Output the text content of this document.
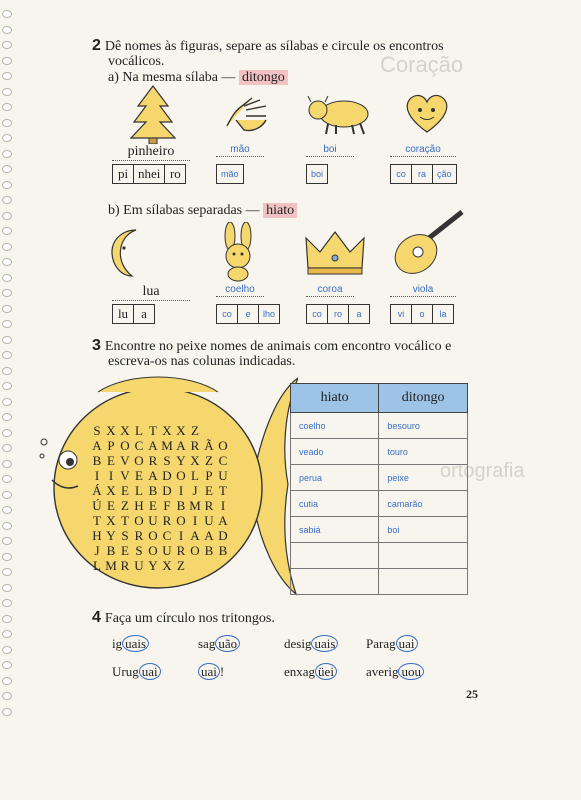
Coração
ortografia
2 Dê nomes às figuras, separe as sílabas e circule os encontros
vocálicos.
a) Na mesma sílaba — ditongo
pinheiro
pi nhei ro
mão
mão
boi
boi
coração
co	ra	ção
b) Em sílabas separadas — hiato
lua
lu	a
coelho
co	e	lho
coroa
co	ro	a
viola
vi	o	la
3 Encontre no peixe nomes de animais com encontro vocálico e
escreva-os nas colunas indicadas.
S X X L T X X Z
A P O C A M A R Ã O
B E V O R S Y X Z C
I I V E A D O L P U
Á X E L B D I J E T
Ú E Z H E F B M R I
T X T O U R O I U A
H Y S R O C I A A D
J B E S O U R O B B
L M R U Y X Z
hiato	ditongo
coelho	besouro
veado	touro
perua	peixe
cutia	camarão
sabiá	boi

4 Faça um círculo nos tritongos.
ig uais	sag uão	desig uais Parag uai
Urug uai	uai !	enxag üei averig uou
25
